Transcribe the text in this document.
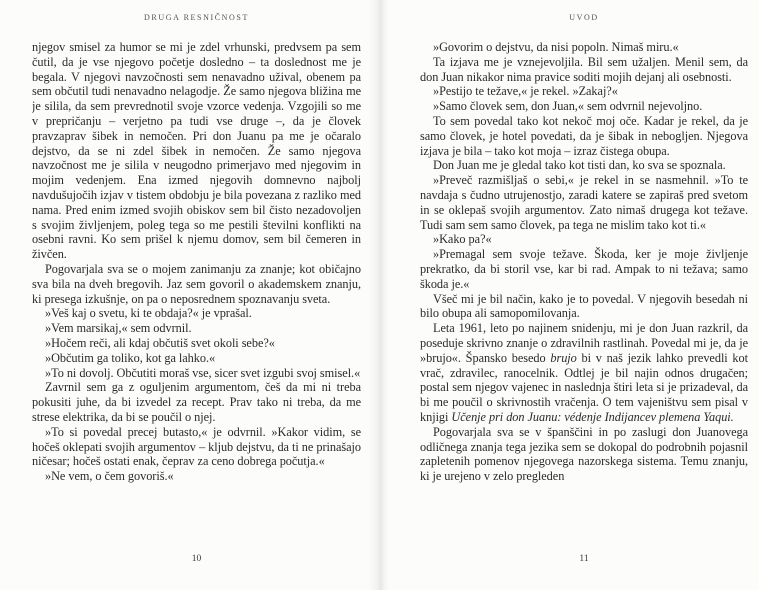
DRUGA RESNIČNOST

njegov smisel za humor se mi je zdel vrhunski, predvsem pa sem čutil, da je vse njegovo početje dosledno – ta doslednost me je begala. V njegovi navzočnosti sem nenavadno užival, obenem pa sem občutil tudi nenavadno nelagodje. Že samo njegova bližina me je silila, da sem prevrednotil svoje vzorce vedenja. Vzgojili so me v prepričanju – verjetno pa tudi vse druge –, da je človek pravzaprav šibek in nemočen. Pri don Juanu pa me je očaralo dejstvo, da se ni zdel šibek in nemočen. Že samo njegova navzočnost me je silila v neugodno primerjavo med njegovim in mojim vedenjem. Ena izmed njegovih domnevno najbolj navdušujočih izjav v tistem obdobju je bila povezana z razliko med nama. Pred enim izmed svojih obiskov sem bil čisto nezadovoljen s svojim življenjem, poleg tega so me pestili številni konflikti na osebni ravni. Ko sem prišel k njemu domov, sem bil čemeren in živčen.

Pogovarjala sva se o mojem zanimanju za znanje; kot običajno sva bila na dveh bregovih. Jaz sem govoril o akademskem znanju, ki presega izkušnje, on pa o neposrednem spoznavanju sveta.

»Veš kaj o svetu, ki te obdaja?« je vprašal.

»Vem marsikaj,« sem odvrnil.

»Hočem reči, ali kdaj občutiš svet okoli sebe?«

»Občutim ga toliko, kot ga lahko.«

»To ni dovolj. Občutiti moraš vse, sicer svet izgubi svoj smisel.«

Zavrnil sem ga z oguljenim argumentom, češ da mi ni treba pokusiti juhe, da bi izvedel za recept. Prav tako ni treba, da me strese elektrika, da bi se poučil o njej.

»To si povedal precej butasto,« je odvrnil. »Kakor vidim, se hočeš oklepati svojih argumentov – kljub dejstvu, da ti ne prinašajo ničesar; hočeš ostati enak, čeprav za ceno dobrega počutja.«

»Ne vem, o čem govoriš.«

10
UVOD

»Govorim o dejstvu, da nisi popoln. Nimaš miru.«

Ta izjava me je vznejevoljila. Bil sem užaljen. Menil sem, da don Juan nikakor nima pravice soditi mojih dejanj ali osebnosti.

»Pestijo te težave,« je rekel. »Zakaj?«

»Samo človek sem, don Juan,« sem odvrnil nejevoljno.

To sem povedal tako kot nekoč moj oče. Kadar je rekel, da je samo človek, je hotel povedati, da je šibak in nebogljen. Njegova izjava je bila – tako kot moja – izraz čistega obupa.

Don Juan me je gledal tako kot tisti dan, ko sva se spoznala.

»Preveč razmišljaš o sebi,« je rekel in se nasmehnil. »To te navdaja s čudno utrujenostjo, zaradi katere se zapiraš pred svetom in se oklepaš svojih argumentov. Zato nimaš drugega kot težave. Tudi sam sem samo človek, pa tega ne mislim tako kot ti.«

»Kako pa?«

»Premagal sem svoje težave. Škoda, ker je moje življenje prekratko, da bi storil vse, kar bi rad. Ampak to ni težava; samo škoda je.«

Všeč mi je bil način, kako je to povedal. V njegovih besedah ni bilo obupa ali samopomilovanja.

Leta 1961, leto po najinem snidenju, mi je don Juan razkril, da poseduje skrivno znanje o zdravilnih rastlinah. Povedal mi je, da je »brujo«. Špansko besedo brujo bi v naš jezik lahko prevedli kot vrač, zdravilec, ranocelnik. Odtlej je bil najin odnos drugačen; postal sem njegov vajenec in naslednja štiri leta si je prizadeval, da bi me poučil o skrivnostih vračenja. O tem vajeništvu sem pisal v knjigi Učenje pri don Juanu: védenje Indijancev plemena Yaqui.

Pogovarjala sva se v španščini in po zaslugi don Juanovega odličnega znanja tega jezika sem se dokopal do podrobnih pojasnil zapletenih pomenov njegovega nazorskega sistema. Temu znanju, ki je urejeno v zelo pregleden

11
